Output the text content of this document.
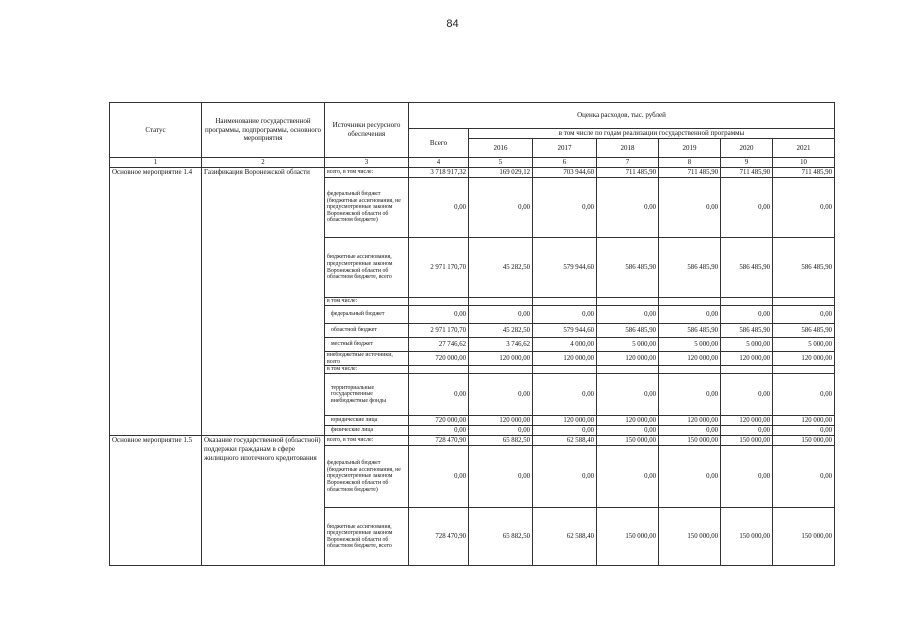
84
Статус	Наименование государственной программы, подпрограммы, основного мероприятия	Источники ресурсного обеспечения	Оценка расходов, тыс. рублей						
			Всего	в том числе по годам реализации государственной программы					
				2016	2017	2018	2019	2020	2021
1	2	3	4	5	6	7	8	9	10
Основное мероприятие 1.4	Газификация Воронежской области	всего, в том числе:	3 718 917,32	169 029,12	703 944,60	711 485,90	711 485,90	711 485,90	711 485,90
		федеральный бюджет (бюджетные ассигнования, не предусмотренные законом Воронежской области об областном бюджете)	0,00	0,00	0,00	0,00	0,00	0,00	0,00
		бюджетные ассигнования, предусмотренные законом Воронежской области об областном бюджете, всего	2 971 170,70	45 282,50	579 944,60	586 485,90	586 485,90	586 485,90	586 485,90
		в том числе:							
		федеральный бюджет	0,00	0,00	0,00	0,00	0,00	0,00	0,00
		областной бюджет	2 971 170,70	45 282,50	579 944,60	586 485,90	586 485,90	586 485,90	586 485,90
		местный бюджет	27 746,62	3 746,62	4 000,00	5 000,00	5 000,00	5 000,00	5 000,00
		внебюджетные источники, всего	720 000,00	120 000,00	120 000,00	120 000,00	120 000,00	120 000,00	120 000,00
		в том числе:							
		территориальные государственные внебюджетные фонды	0,00	0,00	0,00	0,00	0,00	0,00	0,00
		юридические лица	720 000,00	120 000,00	120 000,00	120 000,00	120 000,00	120 000,00	120 000,00
		физические лица	0,00	0,00	0,00	0,00	0,00	0,00	0,00
Основное мероприятие 1.5	Оказание государственной (областной) поддержки гражданам в сфере жилищного ипотечного кредитования	всего, в том числе:	728 470,90	65 882,50	62 588,40	150 000,00	150 000,00	150 000,00	150 000,00
		федеральный бюджет (бюджетные ассигнования, не предусмотренные законом Воронежской области об областном бюджете)	0,00	0,00	0,00	0,00	0,00	0,00	0,00
		бюджетные ассигнования, предусмотренные законом Воронежской области об областном бюджете, всего	728 470,90	65 882,50	62 588,40	150 000,00	150 000,00	150 000,00	150 000,00
